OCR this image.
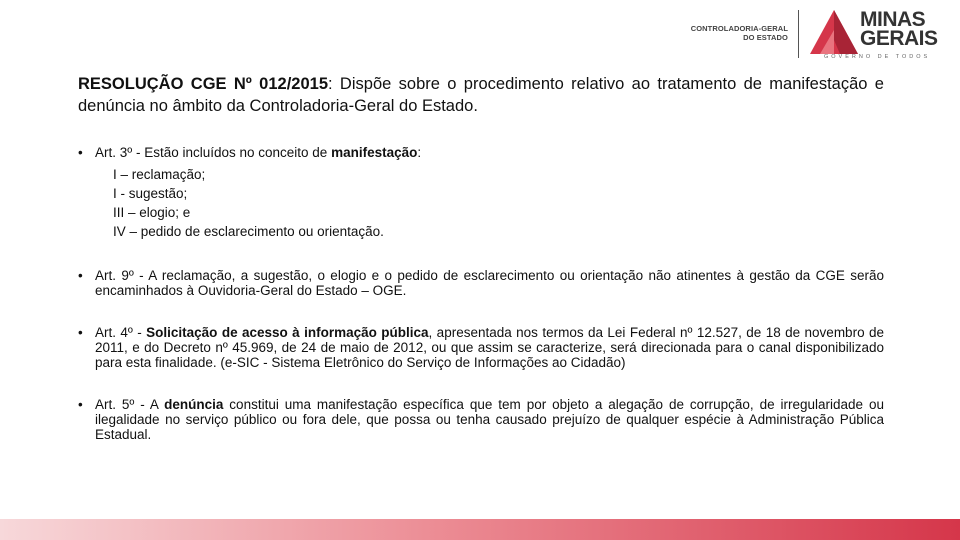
CONTROLADORIA-GERAL
DO ESTADO
MINAS
GERAIS
GOVERNO DE TODOS
RESOLUÇÃO CGE Nº 012/2015: Dispõe sobre o procedimento relativo ao tratamento de manifestação e denúncia no âmbito da Controladoria-Geral do Estado.
• Art. 3º - Estão incluídos no conceito de manifestação:
I – reclamação;
I - sugestão;
III – elogio; e
IV – pedido de esclarecimento ou orientação.
• Art. 9º - A reclamação, a sugestão, o elogio e o pedido de esclarecimento ou orientação não atinentes à gestão da CGE serão encaminhados à Ouvidoria-Geral do Estado – OGE.
• Art. 4º - Solicitação de acesso à informação pública, apresentada nos termos da Lei Federal nº 12.527, de 18 de novembro de 2011, e do Decreto nº 45.969, de 24 de maio de 2012, ou que assim se caracterize, será direcionada para o canal disponibilizado para esta finalidade. (e-SIC - Sistema Eletrônico do Serviço de Informações ao Cidadão)
• Art. 5º - A denúncia constitui uma manifestação específica que tem por objeto a alegação de corrupção, de irregularidade ou ilegalidade no serviço público ou fora dele, que possa ou tenha causado prejuízo de qualquer espécie à Administração Pública Estadual.
